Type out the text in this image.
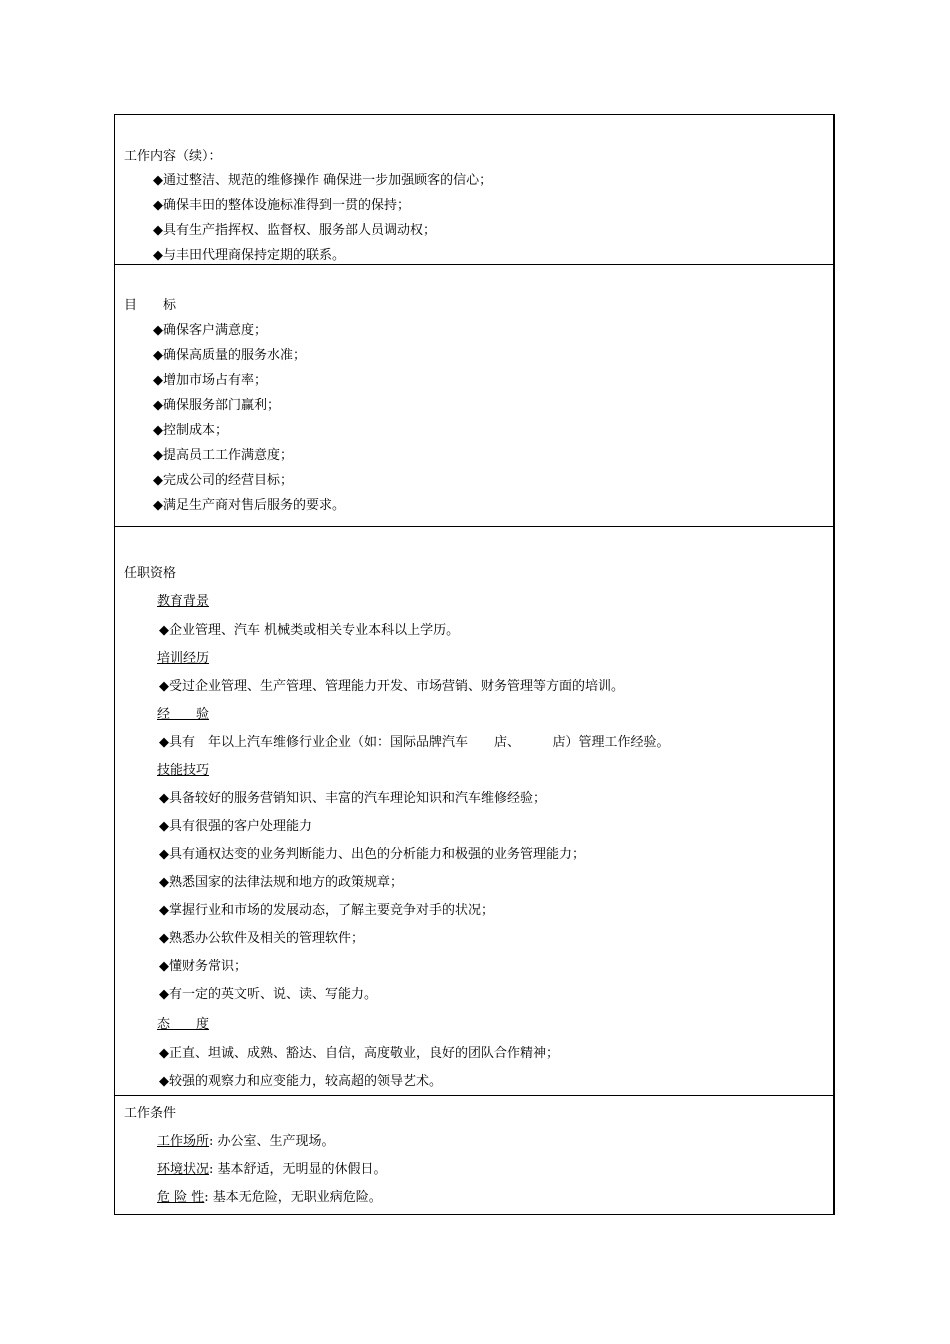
工作内容（续）：
◆通过整洁、规范的维修操作 确保进一步加强顾客的信心；
◆确保丰田的整体设施标准得到一贯的保持；
◆具有生产指挥权、监督权、服务部人员调动权；
◆与丰田代理商保持定期的联系。
目　　标
◆确保客户满意度；
◆确保高质量的服务水准；
◆增加市场占有率；
◆确保服务部门赢利；
◆控制成本；
◆提高员工工作满意度；
◆完成公司的经营目标；
◆满足生产商对售后服务的要求。
任职资格
教育背景
◆企业管理、汽车 机械类或相关专业本科以上学历。
培训经历
◆受过企业管理、生产管理、管理能力开发、市场营销、财务管理等方面的培训。
经　　验
◆具有　年以上汽车维修行业企业（如：国际品牌汽车　　店、　　　店）管理工作经验。
技能技巧
◆具备较好的服务营销知识、丰富的汽车理论知识和汽车维修经验；
◆具有很强的客户处理能力
◆具有通权达变的业务判断能力、出色的分析能力和极强的业务管理能力；
◆熟悉国家的法律法规和地方的政策规章；
◆掌握行业和市场的发展动态，了解主要竞争对手的状况；
◆熟悉办公软件及相关的管理软件；
◆懂财务常识；
◆有一定的英文听、说、读、写能力。
态　　度
◆正直、坦诚、成熟、豁达、自信，高度敬业，良好的团队合作精神；
◆较强的观察力和应变能力，较高超的领导艺术。
工作条件
工作场所: 办公室、生产现场。
环境状况: 基本舒适，无明显的休假日。
危 险 性: 基本无危险，无职业病危险。
